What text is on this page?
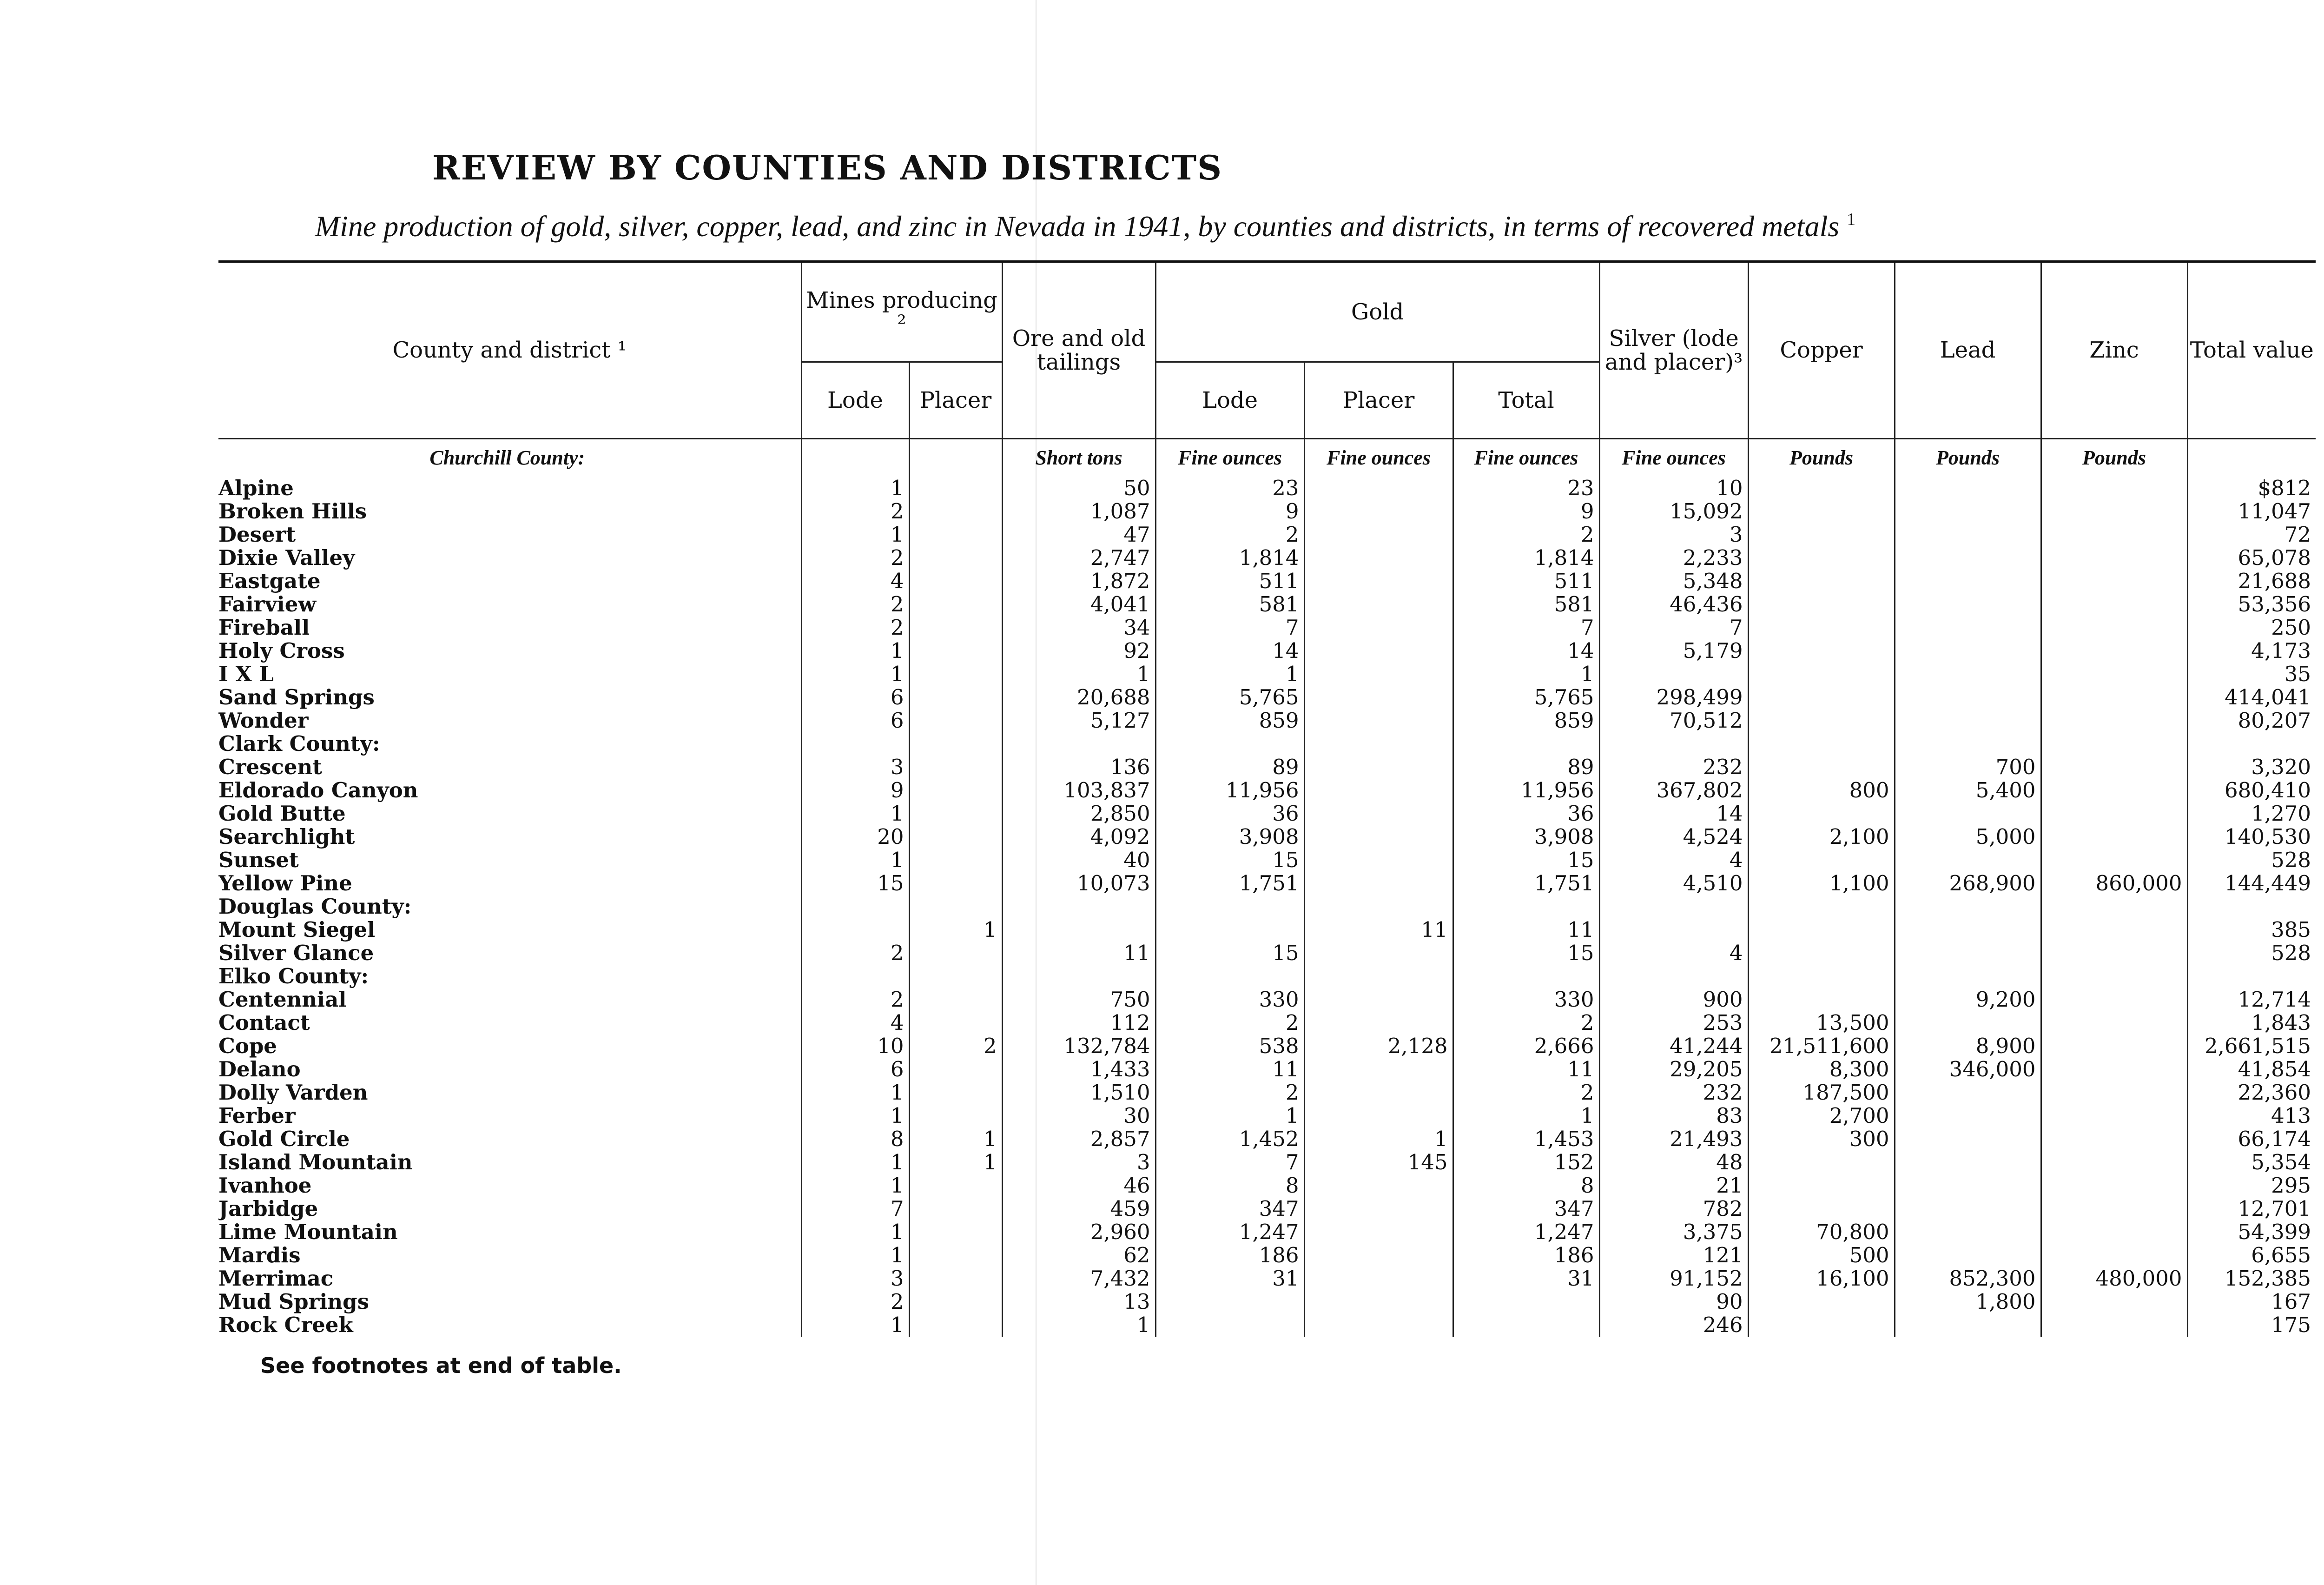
REVIEW BY COUNTIES AND DISTRICTS
Mine production of gold, silver, copper, lead, and zinc in Nevada in 1941, by counties and districts, in terms of recovered metals $^1$
County and district ¹	Mines producing ²		Ore and old tailings	Gold			Silver (lode and placer)³	Copper	Lead	Zinc	Total value
	Lode	Placer		Lode	Placer	Total					
Churchill County:			Short tons	Fine ounces	Fine ounces	Fine ounces	Fine ounces	Pounds	Pounds	Pounds	
Alpine	1		50	23		23	10				$812
Broken Hills	2		1,087	9		9	15,092				11,047
Desert	1		47	2		2	3				72
Dixie Valley	2		2,747	1,814		1,814	2,233				65,078
Eastgate	4		1,872	511		511	5,348				21,688
Fairview	2		4,041	581		581	46,436				53,356
Fireball	2		34	7		7	7				250
Holy Cross	1		92	14		14	5,179				4,173
I X L	1		1	1		1					35
Sand Springs	6		20,688	5,765		5,765	298,499				414,041
Wonder	6		5,127	859		859	70,512				80,207
Clark County:											
Crescent	3		136	89		89	232		700		3,320
Eldorado Canyon	9		103,837	11,956		11,956	367,802	800	5,400		680,410
Gold Butte	1		2,850	36		36	14				1,270
Searchlight	20		4,092	3,908		3,908	4,524	2,100	5,000		140,530
Sunset	1		40	15		15	4				528
Yellow Pine	15		10,073	1,751		1,751	4,510	1,100	268,900	860,000	144,449
Douglas County:											
Mount Siegel		1			11	11					385
Silver Glance	2		11	15		15	4				528
Elko County:											
Centennial	2		750	330		330	900		9,200		12,714
Contact	4		112	2		2	253	13,500			1,843
Cope	10	2	132,784	538	2,128	2,666	41,244	21,511,600	8,900		2,661,515
Delano	6		1,433	11		11	29,205	8,300	346,000		41,854
Dolly Varden	1		1,510	2		2	232	187,500			22,360
Ferber	1		30	1		1	83	2,700			413
Gold Circle	8	1	2,857	1,452	1	1,453	21,493	300			66,174
Island Mountain	1	1	3	7	145	152	48				5,354
Ivanhoe	1		46	8		8	21				295
Jarbidge	7		459	347		347	782				12,701
Lime Mountain	1		2,960	1,247		1,247	3,375	70,800			54,399
Mardis	1		62	186		186	121	500			6,655
Merrimac	3		7,432	31		31	91,152	16,100	852,300	480,000	152,385
Mud Springs	2		13				90		1,800		167
Rock Creek	1		1				246				175
See footnotes at end of table.
